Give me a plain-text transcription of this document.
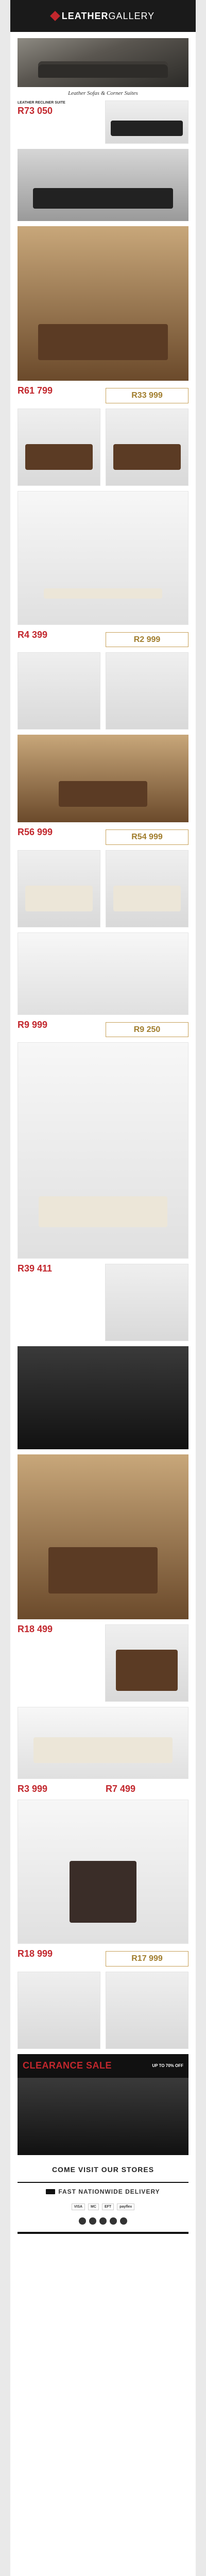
LEATHERGALLERY
Leather Sofas & Corner Suites
LEATHER RECLINER SUITE
R73 050
R61 799	R33 999
R4 399	R2 999
R56 999	R54 999
R9 999	R9 250
R39 411
R18 499
R3 999	R7 499
R18 999	R17 999
CLEARANCE SALE	UP TO 70% OFF
COME VISIT OUR STORES
FAST NATIONWIDE DELIVERY
VISA	MC	EFT	payflex
